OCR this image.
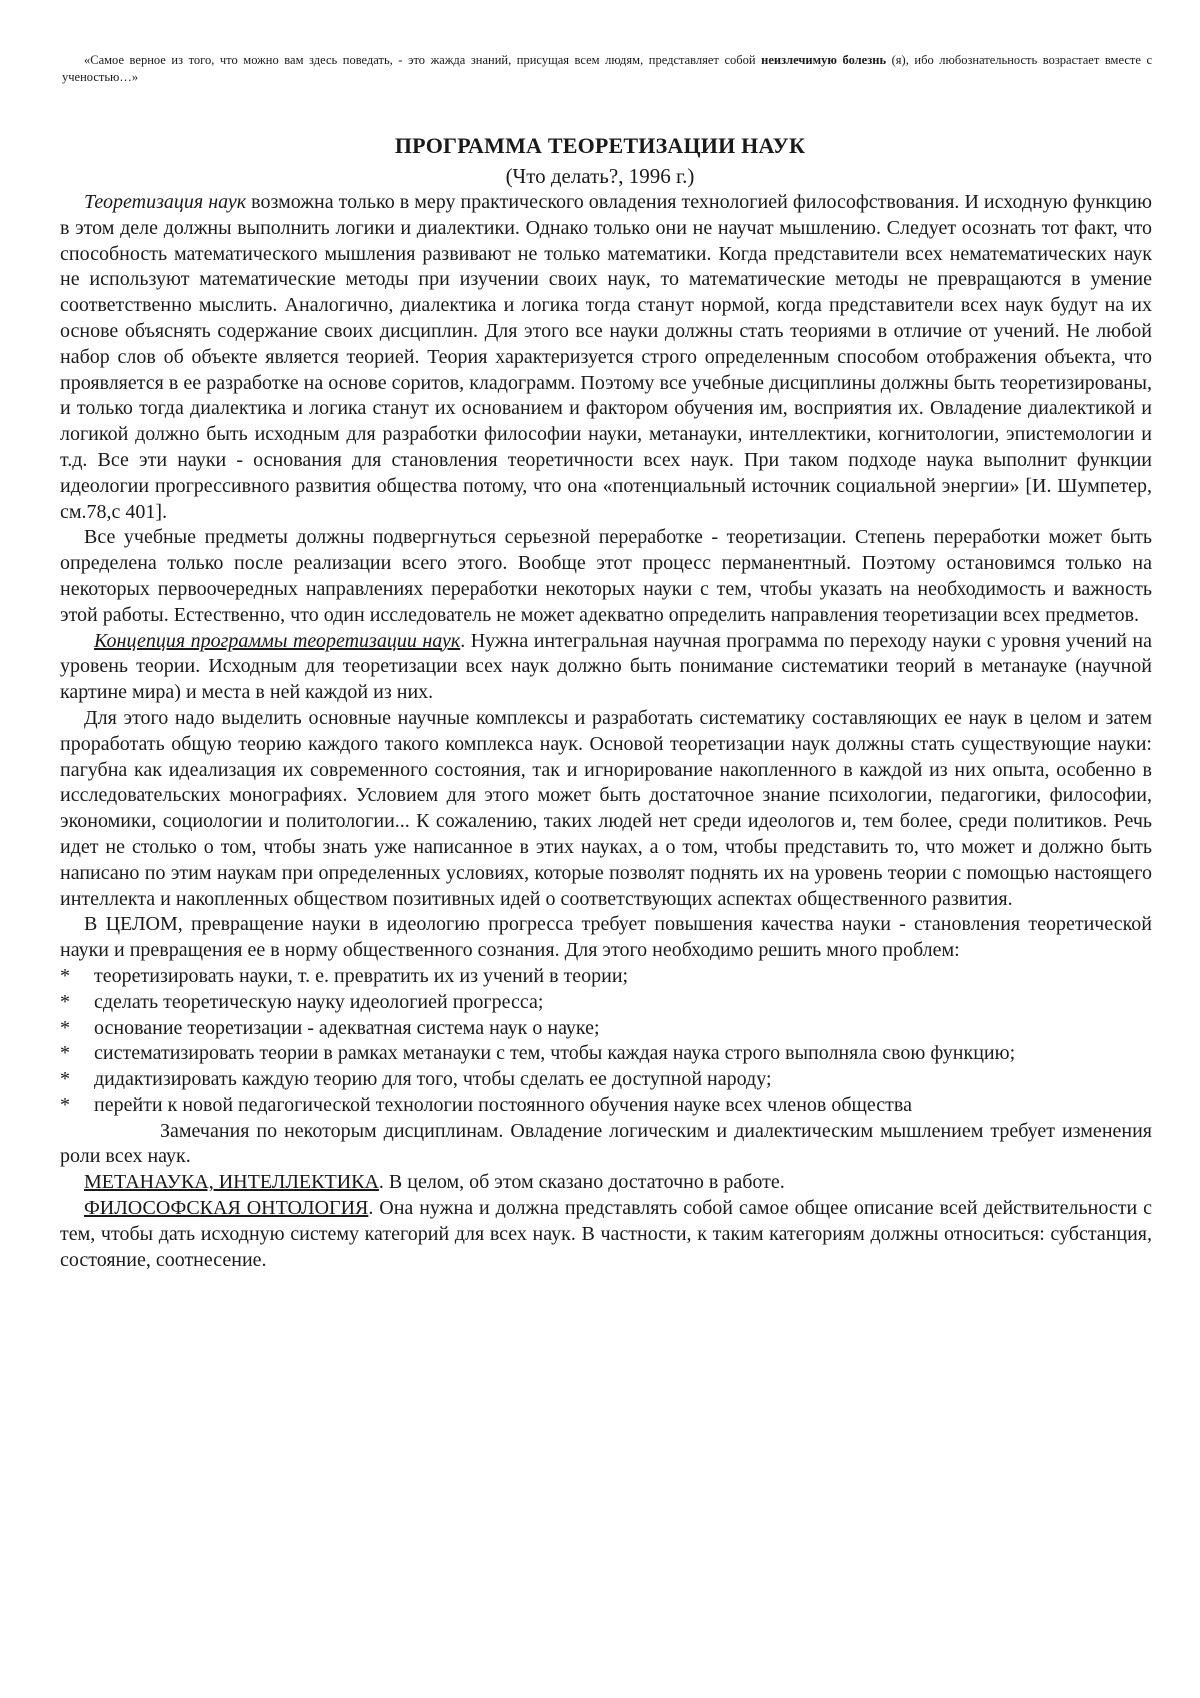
«Самое верное из того, что можно вам здесь поведать, - это жажда знаний, присущая всем людям, представляет собой неизлечимую болезнь (я), ибо любознательность возрастает вместе с ученостью…»
ПРОГРАММА ТЕОРЕТИЗАЦИИ НАУК
(Что делать?, 1996 г.)

Теоретизация наук возможна только в меру практического овладения технологией философствования. И исходную функцию в этом деле должны выполнить логики и диалектики. Однако только они не научат мышлению. Следует осознать тот факт, что способность математического мышления развивают не только математики. Когда представители всех нематематических наук не используют математические методы при изучении своих наук, то математические методы не превращаются в умение соответственно мыслить. Аналогично, диалектика и логика тогда станут нормой, когда представители всех наук будут на их основе объяснять содержание своих дисциплин. Для этого все науки должны стать теориями в отличие от учений. Не любой набор слов об объекте является теорией. Теория характеризуется строго определенным способом отображения объекта, что проявляется в ее разработке на основе соритов, кладограмм. Поэтому все учебные дисциплины должны быть теоретизированы, и только тогда диалектика и логика станут их основанием и фактором обучения им, восприятия их. Овладение диалектикой и логикой должно быть исходным для разработки философии науки, метанауки, интеллектики, когнитологии, эпистемологии и т.д. Все эти науки - основания для становления теоретичности всех наук. При таком подходе наука выполнит функции идеологии прогрессивного развития общества потому, что она «потенциальный источник социальной энергии» [И. Шумпетер, см.78,с 401].

Все учебные предметы должны подвергнуться серьезной переработке - теоретизации. Степень переработки может быть определена только после реализации всего этого. Вообще этот процесс перманентный. Поэтому остановимся только на некоторых первоочередных направлениях переработки некоторых науки с тем, чтобы указать на необходимость и важность этой работы. Естественно, что один исследователь не может адекватно определить направления теоретизации всех предметов.

Концепция программы теоретизации наук. Нужна интегральная научная программа по переходу науки с уровня учений на уровень теории. Исходным для теоретизации всех наук должно быть понимание систематики теорий в метанауке (научной картине мира) и места в ней каждой из них.

Для этого надо выделить основные научные комплексы и разработать систематику составляющих ее наук в целом и затем проработать общую теорию каждого такого комплекса наук. Основой теоретизации наук должны стать существующие науки: пагубна как идеализация их современного состояния, так и игнорирование накопленного в каждой из них опыта, особенно в исследовательских монографиях. Условием для этого может быть достаточное знание психологии, педагогики, философии, экономики, социологии и политологии... К сожалению, таких людей нет среди идеологов и, тем более, среди политиков. Речь идет не столько о том, чтобы знать уже написанное в этих науках, а о том, чтобы представить то, что может и должно быть написано по этим наукам при определенных условиях, которые позволят поднять их на уровень теории с помощью настоящего интеллекта и накопленных обществом позитивных идей о соответствующих аспектах общественного развития.

В ЦЕЛОМ, превращение науки в идеологию прогресса требует повышения качества науки - становления теоретической науки и превращения ее в норму общественного сознания. Для этого необходимо решить много проблем:

* теоретизировать науки, т. е. превратить их из учений в теории;
* сделать теоретическую науку идеологией прогресса;
* основание теоретизации - адекватная система наук о науке;
* систематизировать теории в рамках метанауки с тем, чтобы каждая наука строго выполняла свою функцию;
* дидактизировать каждую теорию для того, чтобы сделать ее доступной народу;
* перейти к новой педагогической технологии постоянного обучения науке всех членов общества

Замечания по некоторым дисциплинам. Овладение логическим и диалектическим мышлением требует изменения роли всех наук.

МЕТАНАУКА, ИНТЕЛЛЕКТИКА. В целом, об этом сказано достаточно в работе.

ФИЛОСОФСКАЯ ОНТОЛОГИЯ. Она нужна и должна представлять собой самое общее описание всей действительности с тем, чтобы дать исходную систему категорий для всех наук. В частности, к таким категориям должны относиться: субстанция, состояние, соотнесение.
